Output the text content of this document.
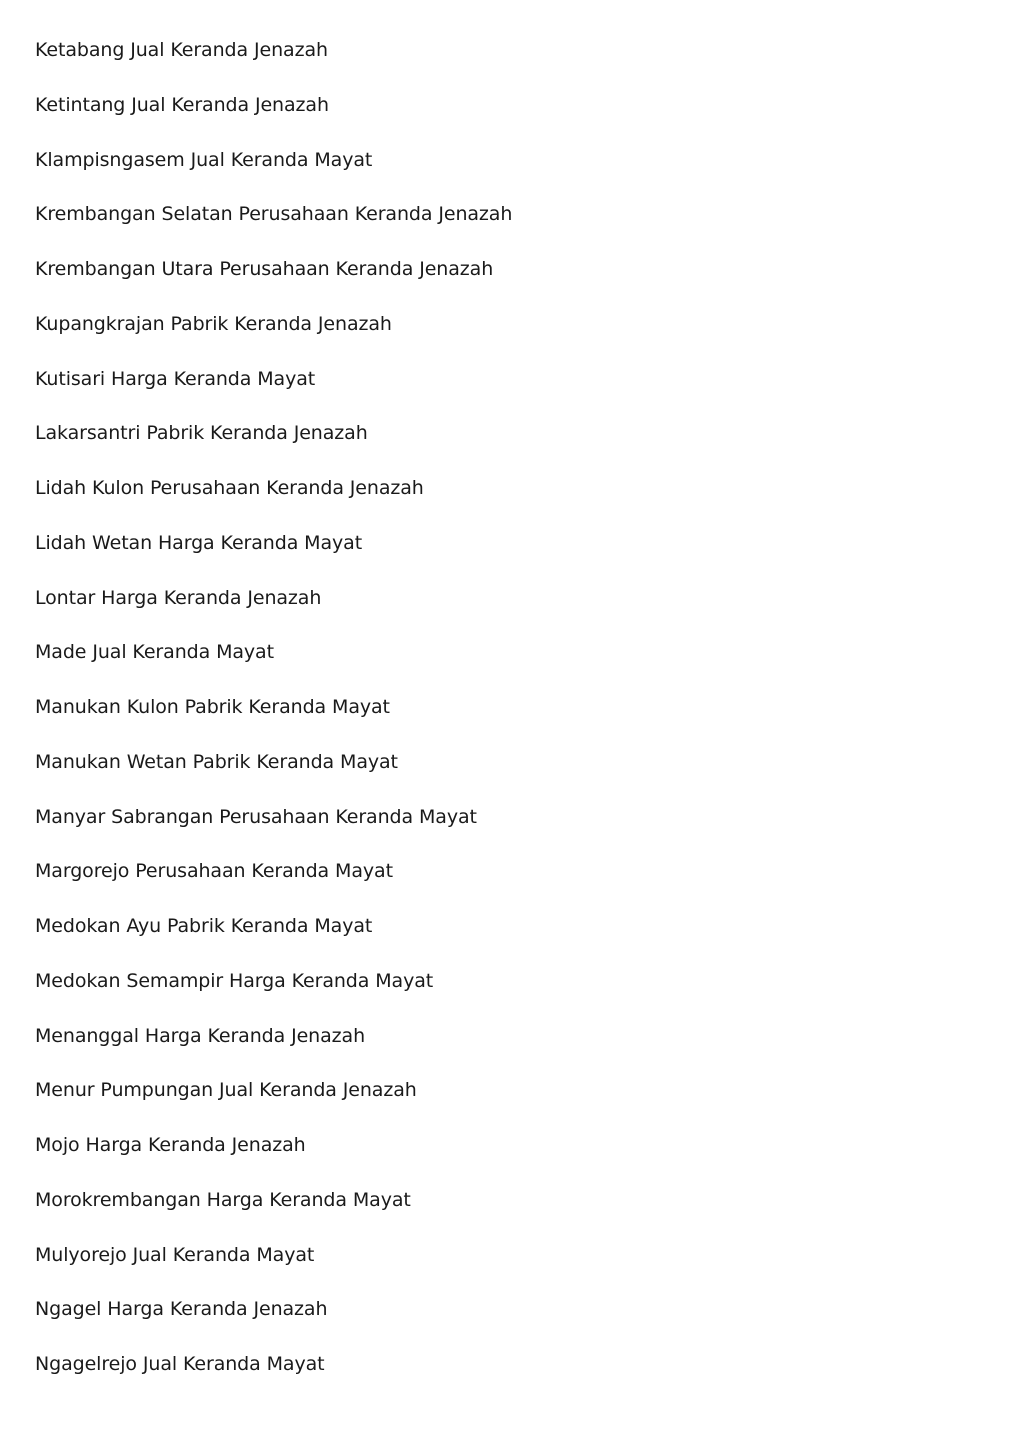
Ketabang Jual Keranda Jenazah
Ketintang Jual Keranda Jenazah
Klampisngasem Jual Keranda Mayat
Krembangan Selatan Perusahaan Keranda Jenazah
Krembangan Utara Perusahaan Keranda Jenazah
Kupangkrajan Pabrik Keranda Jenazah
Kutisari Harga Keranda Mayat
Lakarsantri Pabrik Keranda Jenazah
Lidah Kulon Perusahaan Keranda Jenazah
Lidah Wetan Harga Keranda Mayat
Lontar Harga Keranda Jenazah
Made Jual Keranda Mayat
Manukan Kulon Pabrik Keranda Mayat
Manukan Wetan Pabrik Keranda Mayat
Manyar Sabrangan Perusahaan Keranda Mayat
Margorejo Perusahaan Keranda Mayat
Medokan Ayu Pabrik Keranda Mayat
Medokan Semampir Harga Keranda Mayat
Menanggal Harga Keranda Jenazah
Menur Pumpungan Jual Keranda Jenazah
Mojo Harga Keranda Jenazah
Morokrembangan Harga Keranda Mayat
Mulyorejo Jual Keranda Mayat
Ngagel Harga Keranda Jenazah
Ngagelrejo Jual Keranda Mayat
